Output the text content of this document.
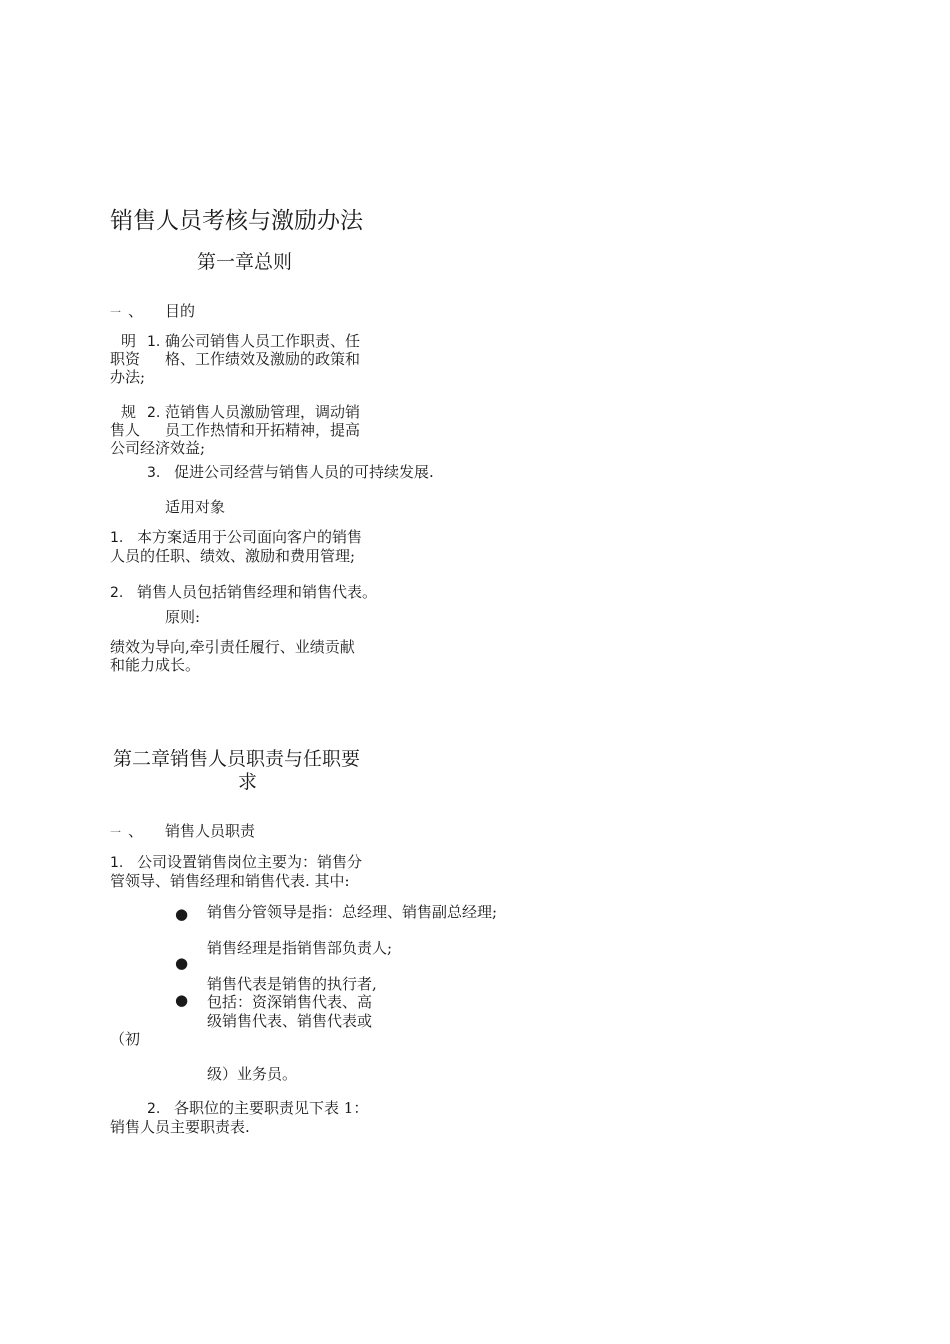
销售人员考核与激励办法
第一章总则
一 、 目的
明 1. 确公司销售人员工作职责、任
职资 格、工作绩效及激励的政策和
办法;
规 2. 范销售人员激励管理，调动销
售人 员工作热情和开拓精神，提高
公司经济效益;
3. 促进公司经营与销售人员的可持续发展.
适用对象
1. 本方案适用于公司面向客户的销售
人员的任职、绩效、激励和费用管理;
2. 销售人员包括销售经理和销售代表。
原则:
绩效为导向,牵引责任履行、业绩贡献
和能力成长。
第二章销售人员职责与任职要
求
一 、 销售人员职责
1. 公司设置销售岗位主要为：销售分
管领导、销售经理和销售代表. 其中:
● 销售分管领导是指：总经理、销售副总经理;
销售经理是指销售部负责人;
●
销售代表是销售的执行者,
● 包括：资深销售代表、高
级销售代表、销售代表或
（初
级）业务员。
2. 各职位的主要职责见下表 1：
销售人员主要职责表.
